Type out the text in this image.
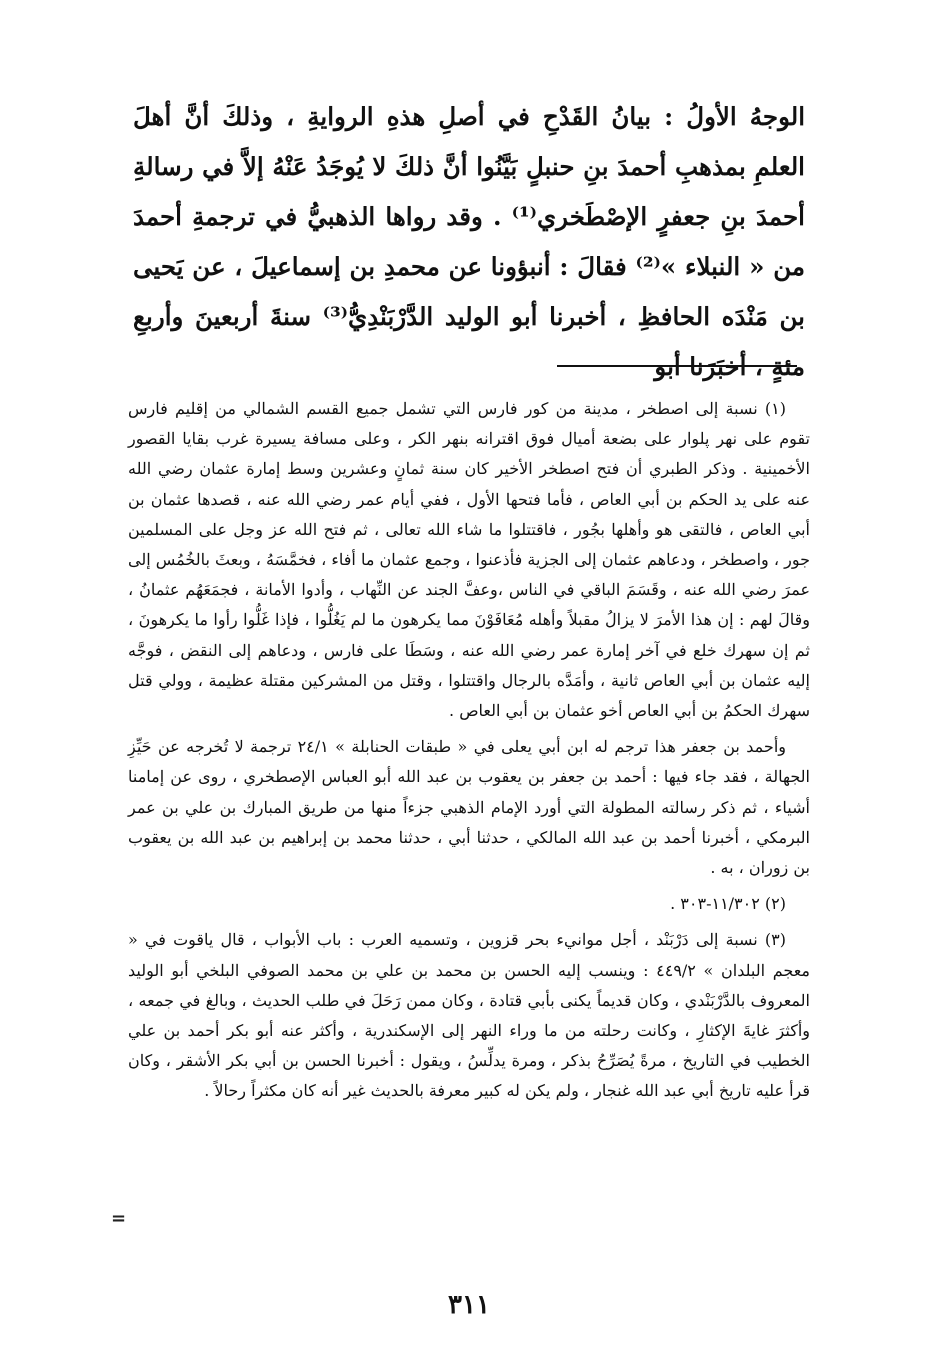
الوجهُ الأولُ : بيانُ القَدْحِ في أصلِ هذهِ الروايةِ ، وذلكَ أنَّ أهلَ العلمِ بمذهبِ أحمدَ بنِ حنبلٍ بَيَّنُوا أنَّ ذلكَ لا يُوجَدُ عَنْهُ إلاَّ في رسالةِ أحمدَ بنِ جعفرٍ الإصْطَخري⁽¹⁾ . وقد رواها الذهبيُّ في ترجمةِ أحمدَ من « النبلاء »⁽²⁾ فقالَ : أنبؤونا عن محمدِ بن إسماعيلَ ، عن يَحيى بن مَنْدَه الحافظِ ، أخبرنا أبو الوليد الدَّرْبَنْدِيُّ⁽³⁾ سنةَ أربعينَ وأربعِ مئةٍ ، أخبَرَنا أبو

(١) نسبة إلى اصطخر ، مدينة من كور فارس التي تشمل جميع القسم الشمالي من إقليم فارس تقوم على نهر پلوار على بضعة أميال فوق اقترانه بنهر الكر ، وعلى مسافة يسيرة غرب بقايا القصور الأخمينية . وذكر الطبري أن فتح اصطخر الأخير كان سنة ثمانٍ وعشرين وسط إمارة عثمان رضي الله عنه على يد الحكم بن أبي العاص ، فأما فتحها الأول ، ففي أيام عمر رضي الله عنه ، قصدها عثمان بن أبي العاص ، فالتقى هو وأهلها بجُور ، فاقتتلوا ما شاء الله تعالى ، ثم فتح الله عز وجل على المسلمين جور ، واصطخر ، ودعاهم عثمان إلى الجزية فأذعنوا ، وجمع عثمان ما أفاء ، فخمَّسَهُ ، وبعثَ بالخُمُس إلى عمرَ رضي الله عنه ، وقَسَمَ الباقي في الناس ،وعفَّ الجند عن النِّهاب ، وأدوا الأمانة ، فجمَعَهُم عثمانُ ، وقالَ لهم : إن هذا الأمرَ لا يزالُ مقبلاً وأهله مُعَافَوْنَ مما يكرهون ما لم يَغُلُّوا ، فإذا غَلُّوا رأوا ما يكرهونَ ، ثم إن سهرك خلع في آخر إمارة عمر رضي الله عنه ، وسَطَا على فارس ، ودعاهم إلى النقض ، فوجَّه إليه عثمان بن أبي العاص ثانية ، وأمَدَّه بالرجال واقتتلوا ، وقتل من المشركين مقتلة عظيمة ، وولي قتل سهرك الحكمُ بن أبي العاص أخو عثمان بن أبي العاص .

وأحمد بن جعفر هذا ترجم له ابن أبي يعلى في « طبقات الحنابلة » ٢٤/١ ترجمة لا تُخرجه عن حَيِّزِ الجهالة ، فقد جاء فيها : أحمد بن جعفر بن يعقوب بن عبد الله أبو العباس الإصطخري ، روى عن إمامنا أشياء ، ثم ذكر رسالته المطولة التي أورد الإمام الذهبي جزءاً منها من طريق المبارك بن علي بن عمر البرمكي ، أخبرنا أحمد بن عبد الله المالكي ، حدثنا أبي ، حدثنا محمد بن إبراهيم بن عبد الله بن يعقوب بن زوران ، به .

(٢) ١١/٣٠٢-٣٠٣ .

(٣) نسبة إلى دَرْبَنْد ، أجل موانيء بحر قزوين ، وتسميه العرب : باب الأبواب ، قال ياقوت في « معجم البلدان » ٤٤٩/٢ : وينسب إليه الحسن بن محمد بن علي بن محمد الصوفي البلخي أبو الوليد المعروف بالدَّرْبَنْدي ، وكان قديماً يكنى بأبي قتادة ، وكان ممن رَحَلَ في طلب الحديث ، وبالغ في جمعه ، وأكثرَ غايةَ الإكثارِ ، وكانت رحلته من ما وراء النهر إلى الإسكندرية ، وأكثر عنه أبو بكر أحمد بن علي الخطيب في التاريخ ، مرةً يُصَرِّحُ بذكر ، ومرة يدلِّسُ ، ويقول : أخبرنا الحسن بن أبي بكر الأشقر ، وكان قرأ عليه تاريخ أبي عبد الله غنجار ، ولم يكن له كبير معرفة بالحديث غير أنه كان مكثراً رحالاً .

=
٣١١
